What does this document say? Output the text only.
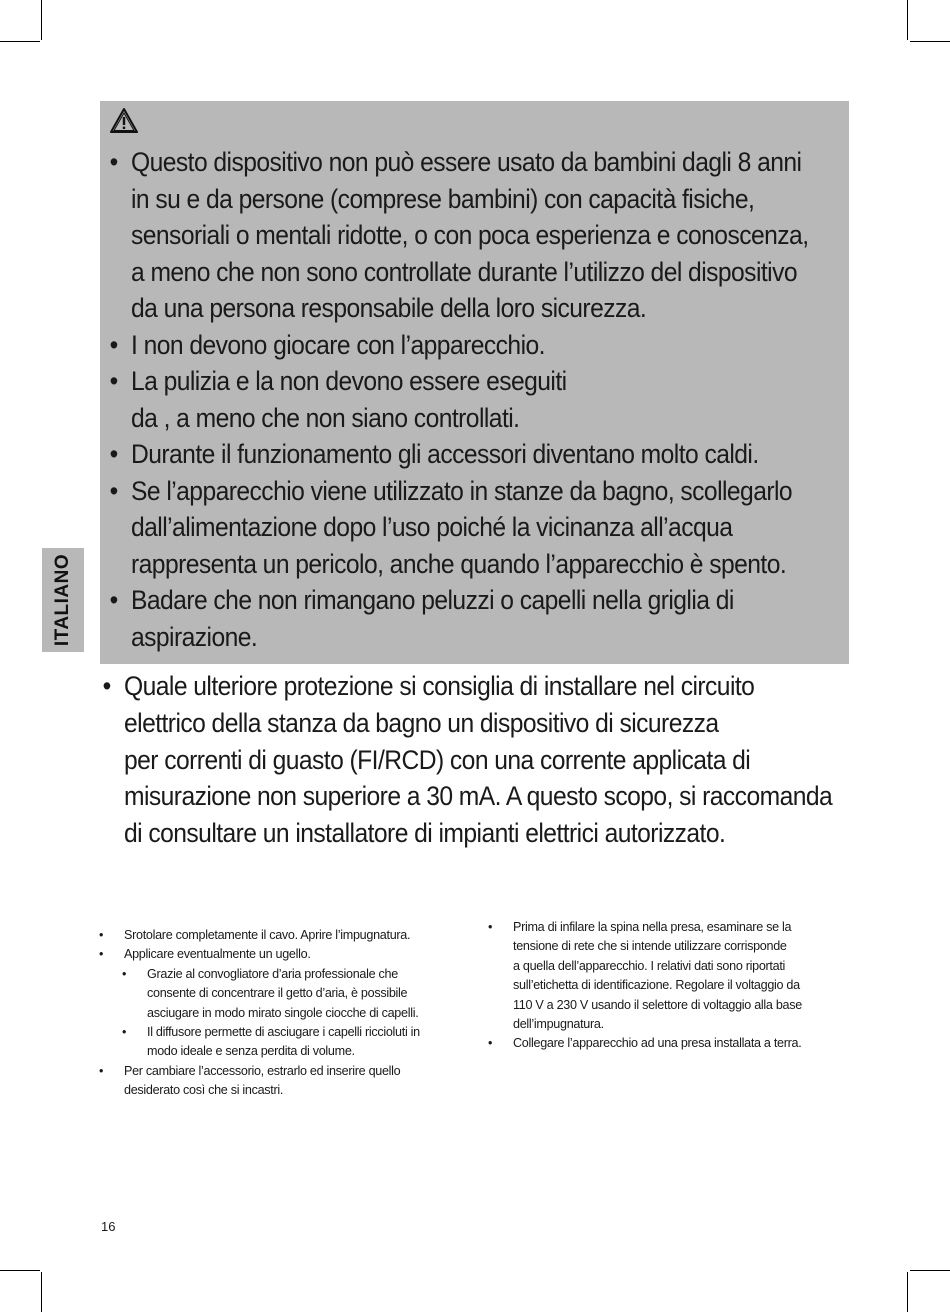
• Questo dispositivo non può essere usato da bambini dagli 8 anni
in su e da persone (comprese bambini) con capacità fisiche,
sensoriali o mentali ridotte, o con poca esperienza e conoscenza,
a meno che non sono controllate durante l’utilizzo del dispositivo
da una persona responsabile della loro sicurezza.
• I non devono giocare con l’apparecchio.
• La pulizia e la non devono essere eseguiti
da , a meno che non siano controllati.
• Durante il funzionamento gli accessori diventano molto caldi.
• Se l’apparecchio viene utilizzato in stanze da bagno, scollegarlo
dall’alimentazione dopo l’uso poiché la vicinanza all’acqua
rappresenta un pericolo, anche quando l’apparecchio è spento.
• Badare che non rimangano peluzzi o capelli nella griglia di
aspirazione.
• Quale ulteriore protezione si consiglia di installare nel circuito
elettrico della stanza da bagno un dispositivo di sicurezza
per correnti di guasto (FI/RCD) con una corrente applicata di
misurazione non superiore a 30 mA. A questo scopo, si raccomanda
di consultare un installatore di impianti elettrici autorizzato.
ITALIANO
• Srotolare completamente il cavo. Aprire l’impugnatura.
• Applicare eventualmente un ugello.
• Grazie al convogliatore d’aria professionale che
consente di concentrare il getto d’aria, è possibile
asciugare in modo mirato singole ciocche di capelli.
• Il diffusore permette di asciugare i capelli riccioluti in
modo ideale e senza perdita di volume.
• Per cambiare l’accessorio, estrarlo ed inserire quello
desiderato così che si incastri.
• Prima di infilare la spina nella presa, esaminare se la
tensione di rete che si intende utilizzare corrisponde
a quella dell’apparecchio. I relativi dati sono riportati
sull’etichetta di identificazione. Regolare il voltaggio da
110 V a 230 V usando il selettore di voltaggio alla base
dell’impugnatura.
• Collegare l’apparecchio ad una presa installata a terra.
16
